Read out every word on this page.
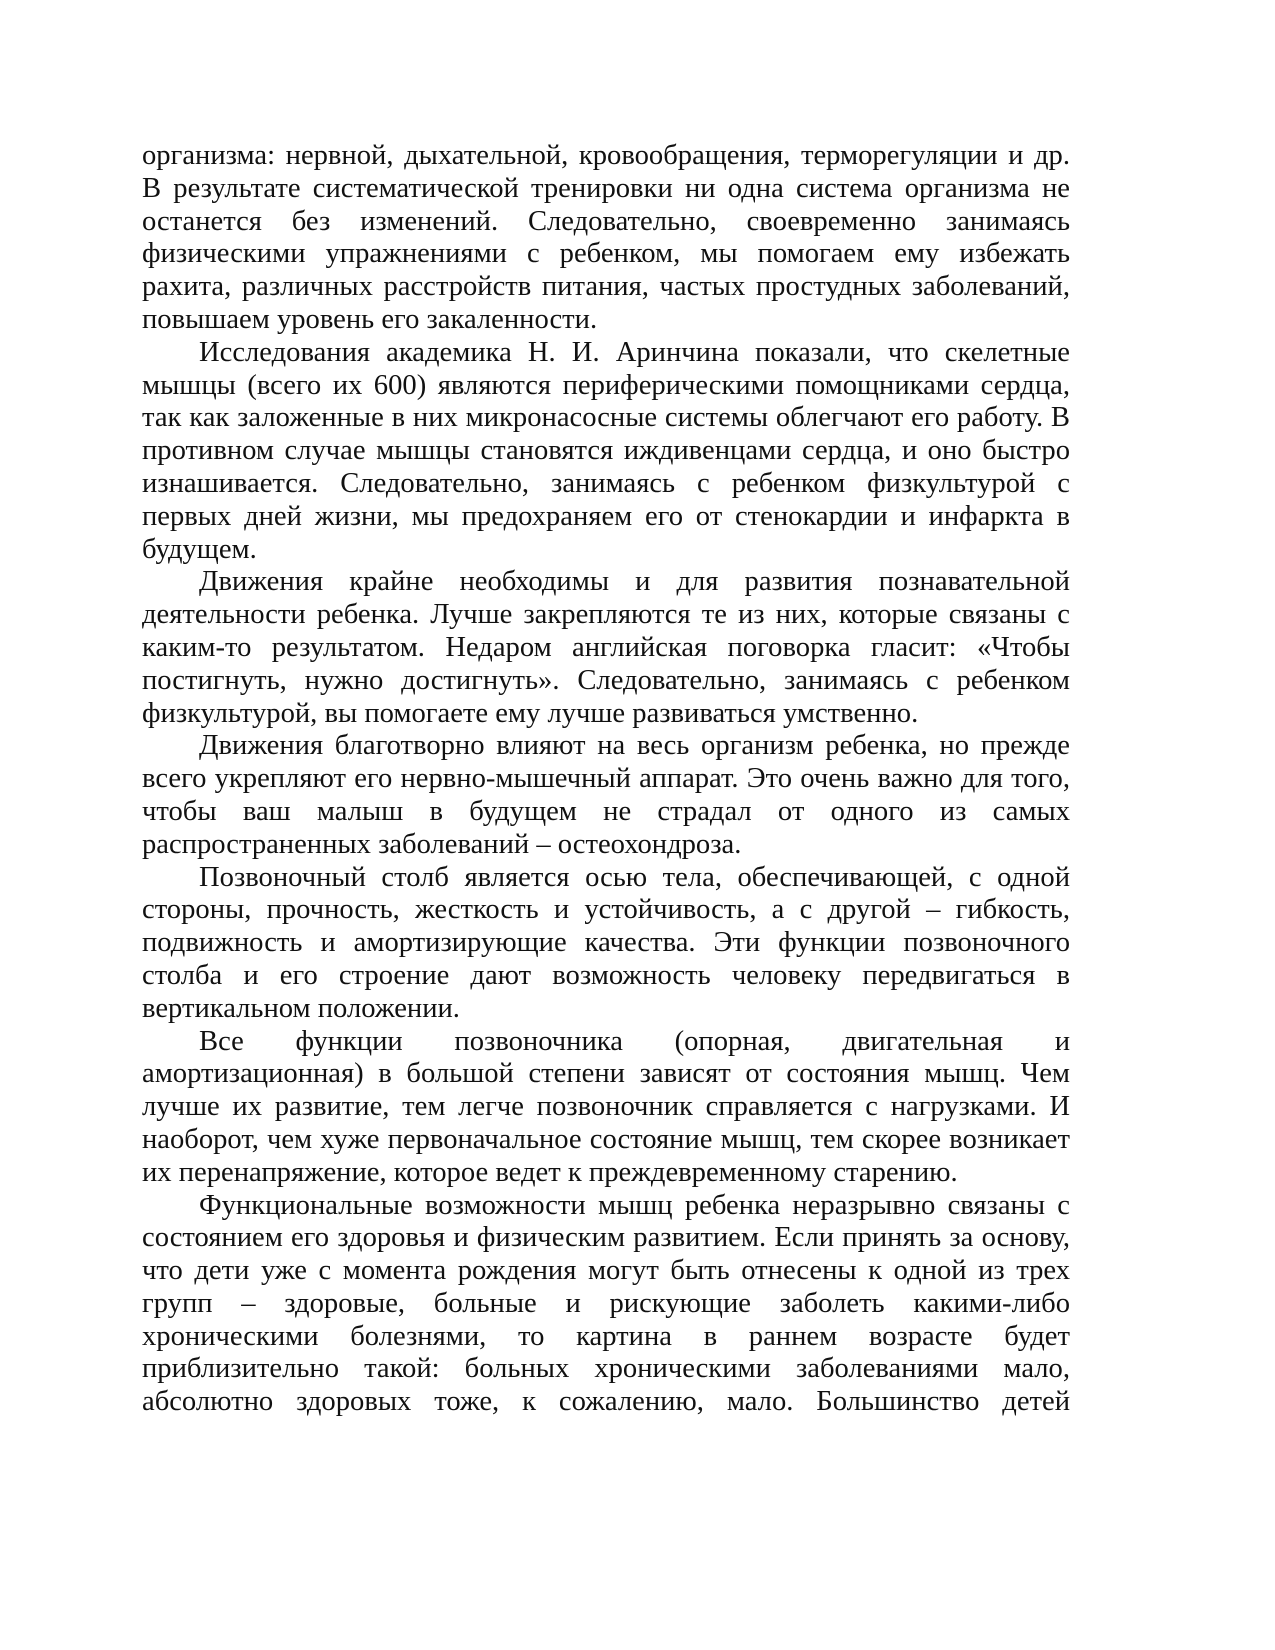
организма: нервной, дыхательной, кровообращения, терморегуляции и др. В результате систематической тренировки ни одна система организма не останется без изменений. Следовательно, своевременно занимаясь физическими упражнениями с ребенком, мы помогаем ему избежать рахита, различных расстройств питания, частых простудных заболеваний, повышаем уровень его закаленности.

Исследования академика Н. И. Аринчина показали, что скелетные мышцы (всего их 600) являются периферическими помощниками сердца, так как заложенные в них микронасосные системы облегчают его работу. В противном случае мышцы становятся иждивенцами сердца, и оно быстро изнашивается. Следовательно, занимаясь с ребенком физкультурой с первых дней жизни, мы предохраняем его от стенокардии и инфаркта в будущем.

Движения крайне необходимы и для развития познавательной деятельности ребенка. Лучше закрепляются те из них, которые связаны с каким-то результатом. Недаром английская поговорка гласит: «Чтобы постигнуть, нужно достигнуть». Следовательно, занимаясь с ребенком физкультурой, вы помогаете ему лучше развиваться умственно.

Движения благотворно влияют на весь организм ребенка, но прежде всего укрепляют его нервно-мышечный аппарат. Это очень важно для того, чтобы ваш малыш в будущем не страдал от одного из самых распространенных заболеваний – остеохондроза.

Позвоночный столб является осью тела, обеспечивающей, с одной стороны, прочность, жесткость и устойчивость, а с другой – гибкость, подвижность и амортизирующие качества. Эти функции позвоночного столба и его строение дают возможность человеку передвигаться в вертикальном положении.

Все функции позвоночника (опорная, двигательная и амортизационная) в большой степени зависят от состояния мышц. Чем лучше их развитие, тем легче позвоночник справляется с нагрузками. И наоборот, чем хуже первоначальное состояние мышц, тем скорее возникает их перенапряжение, которое ведет к преждевременному старению.

Функциональные возможности мышц ребенка неразрывно связаны с состоянием его здоровья и физическим развитием. Если принять за основу, что дети уже с момента рождения могут быть отнесены к одной из трех групп – здоровые, больные и рискующие заболеть какими-либо хроническими болезнями, то картина в раннем возрасте будет приблизительно такой: больных хроническими заболеваниями мало, абсолютно здоровых тоже, к сожалению, мало. Большинство детей
